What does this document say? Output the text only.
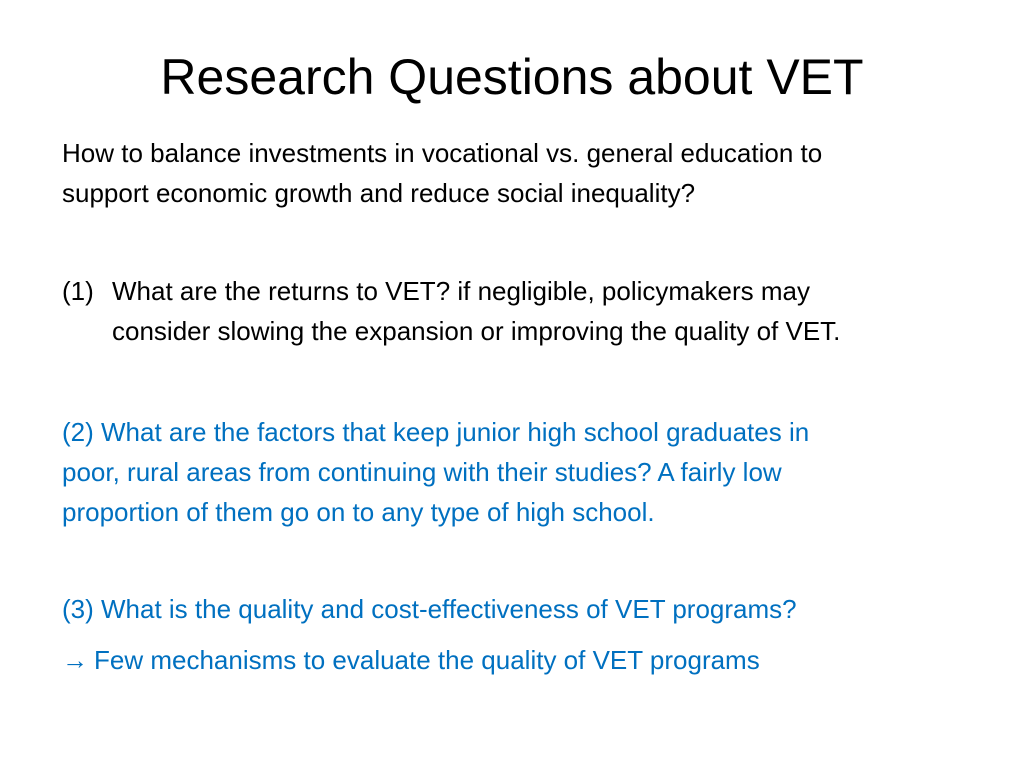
Research Questions about VET
How to balance investments in vocational vs. general education to
support economic growth and reduce social inequality?
(1) What are the returns to VET? if negligible, policymakers may
consider slowing the expansion or improving the quality of VET.
(2) What are the factors that keep junior high school graduates in
poor, rural areas from continuing with their studies? A fairly low
proportion of them go on to any type of high school.
(3) What is the quality and cost-effectiveness of VET programs?
→ Few mechanisms to evaluate the quality of VET programs
